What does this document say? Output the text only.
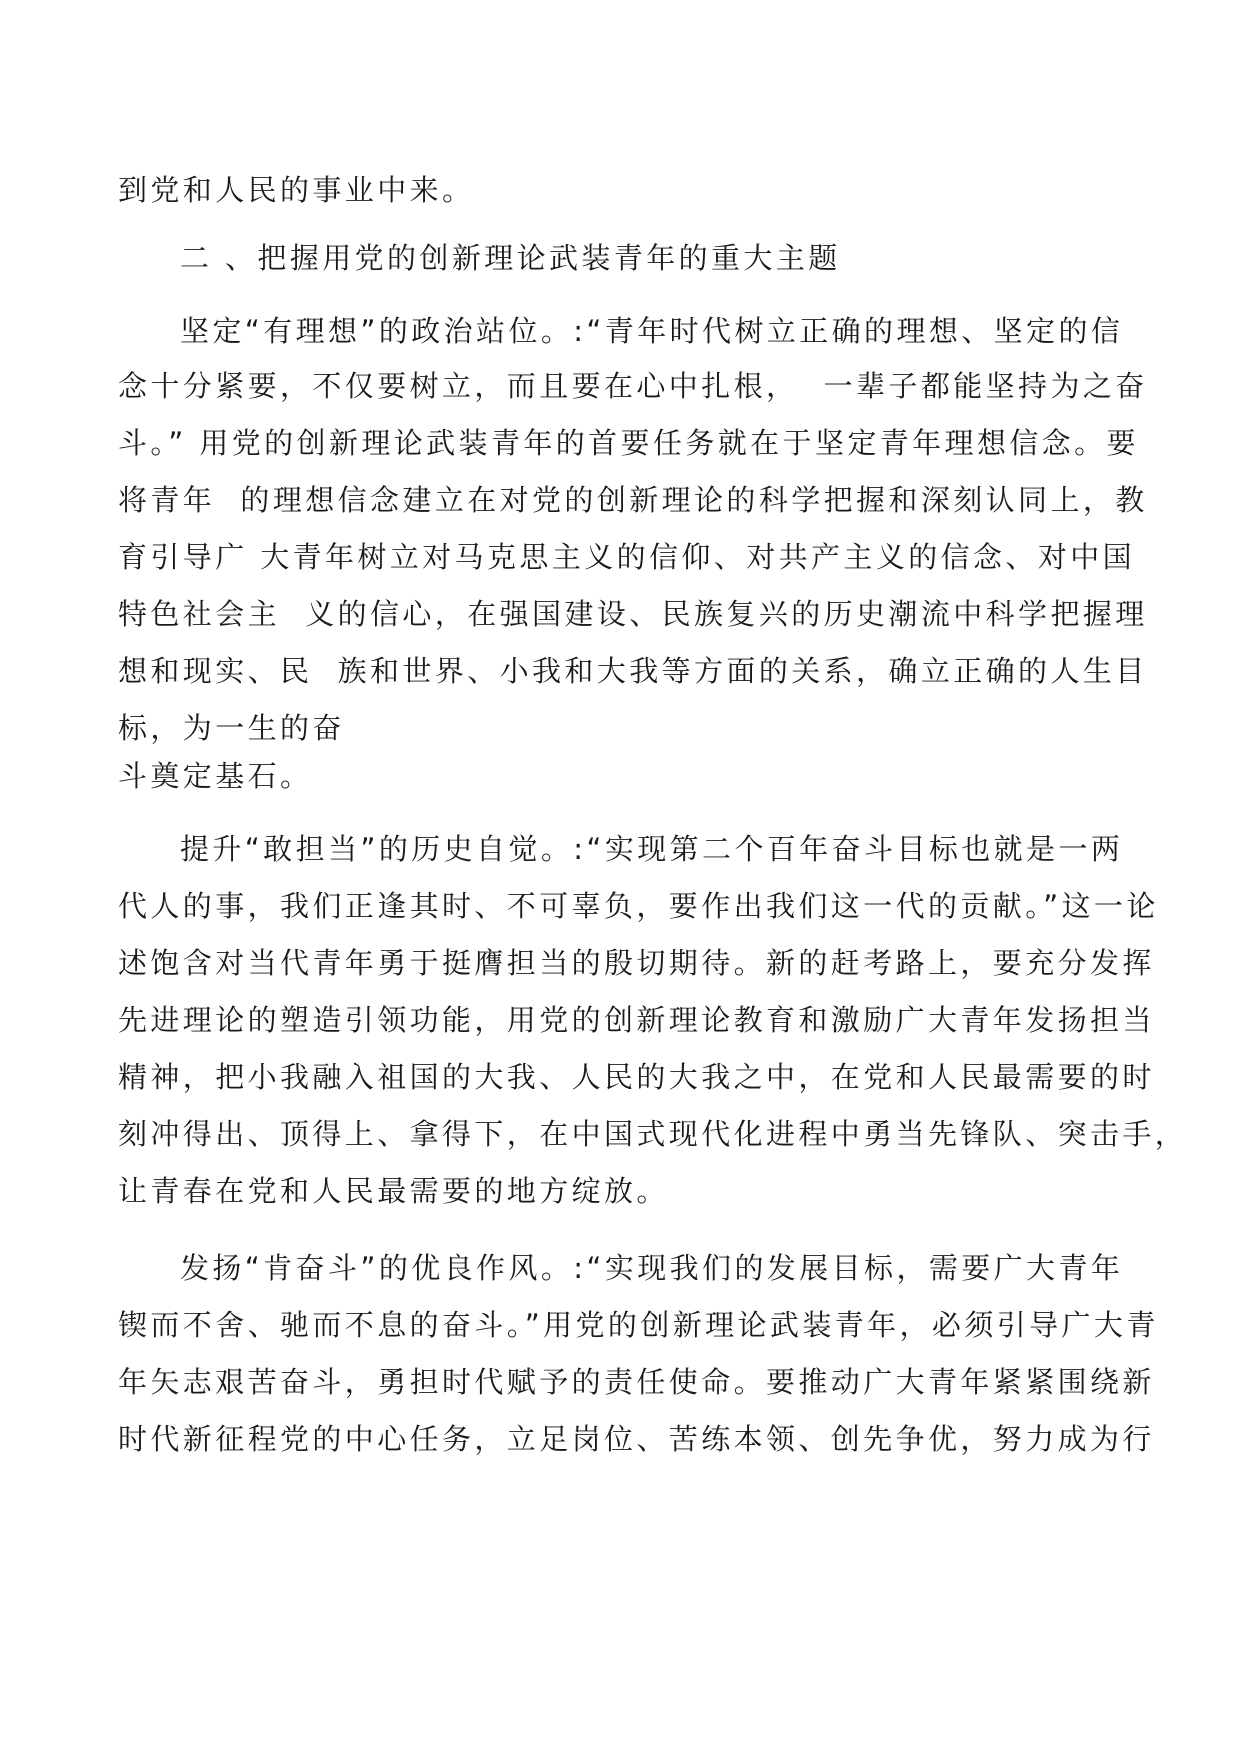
到党和人民的事业中来。
二 、把握用党的创新理论武装青年的重大主题
坚定“有理想”的政治站位。:“青年时代树立正确的理想、坚定的信
念十分紧要，不仅要树立，而且要在心中扎根，  一辈子都能坚持为之奋
斗。” 用党的创新理论武装青年的首要任务就在于坚定青年理想信念。要
将青年  的理想信念建立在对党的创新理论的科学把握和深刻认同上，教
育引导广 大青年树立对马克思主义的信仰、对共产主义的信念、对中国
特色社会主  义的信心，在强国建设、民族复兴的历史潮流中科学把握理
想和现实、民  族和世界、小我和大我等方面的关系，确立正确的人生目
标，为一生的奋
斗奠定基石。
提升“敢担当”的历史自觉。:“实现第二个百年奋斗目标也就是一两
代人的事，我们正逢其时、不可辜负，要作出我们这一代的贡献。”这一论
述饱含对当代青年勇于挺膺担当的殷切期待。新的赶考路上，要充分发挥
先进理论的塑造引领功能，用党的创新理论教育和激励广大青年发扬担当
精神，把小我融入祖国的大我、人民的大我之中，在党和人民最需要的时
刻冲得出、顶得上、拿得下，在中国式现代化进程中勇当先锋队、突击手，
让青春在党和人民最需要的地方绽放。
发扬“肯奋斗”的优良作风。:“实现我们的发展目标，需要广大青年
锲而不舍、驰而不息的奋斗。”用党的创新理论武装青年，必须引导广大青
年矢志艰苦奋斗，勇担时代赋予的责任使命。要推动广大青年紧紧围绕新
时代新征程党的中心任务，立足岗位、苦练本领、创先争优，努力成为行
